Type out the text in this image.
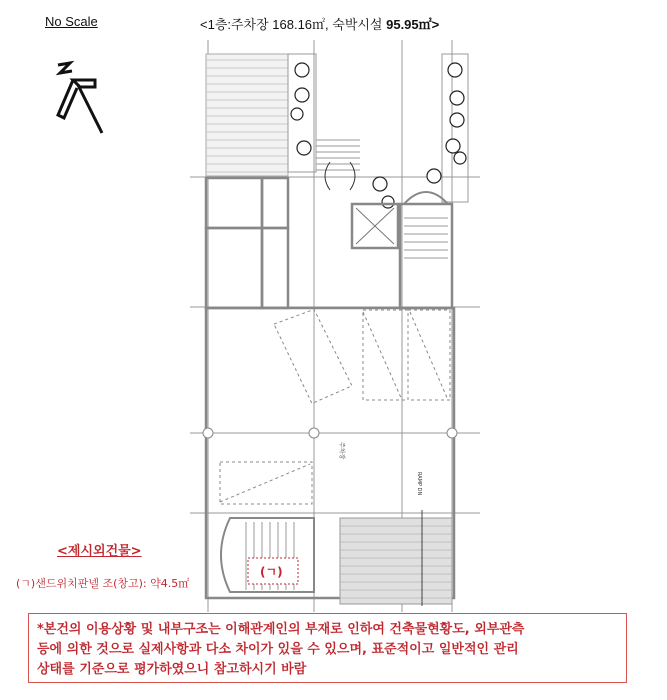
No Scale	<1층:주차장 168.16㎡, 숙박시설 95.95㎡>
(ㄱ)
주차장
RAMP DN
<제시외건물>
(ㄱ)샌드위치판넬 조(창고): 약4.5㎡
*본건의 이용상황 및 내부구조는 이해관계인의 부재로 인하여 건축물현황도, 외부관측
등에 의한 것으로 실제사항과 다소 차이가 있을 수 있으며, 표준적이고 일반적인 관리
상태를 기준으로 평가하였으니 참고하시기 바람
